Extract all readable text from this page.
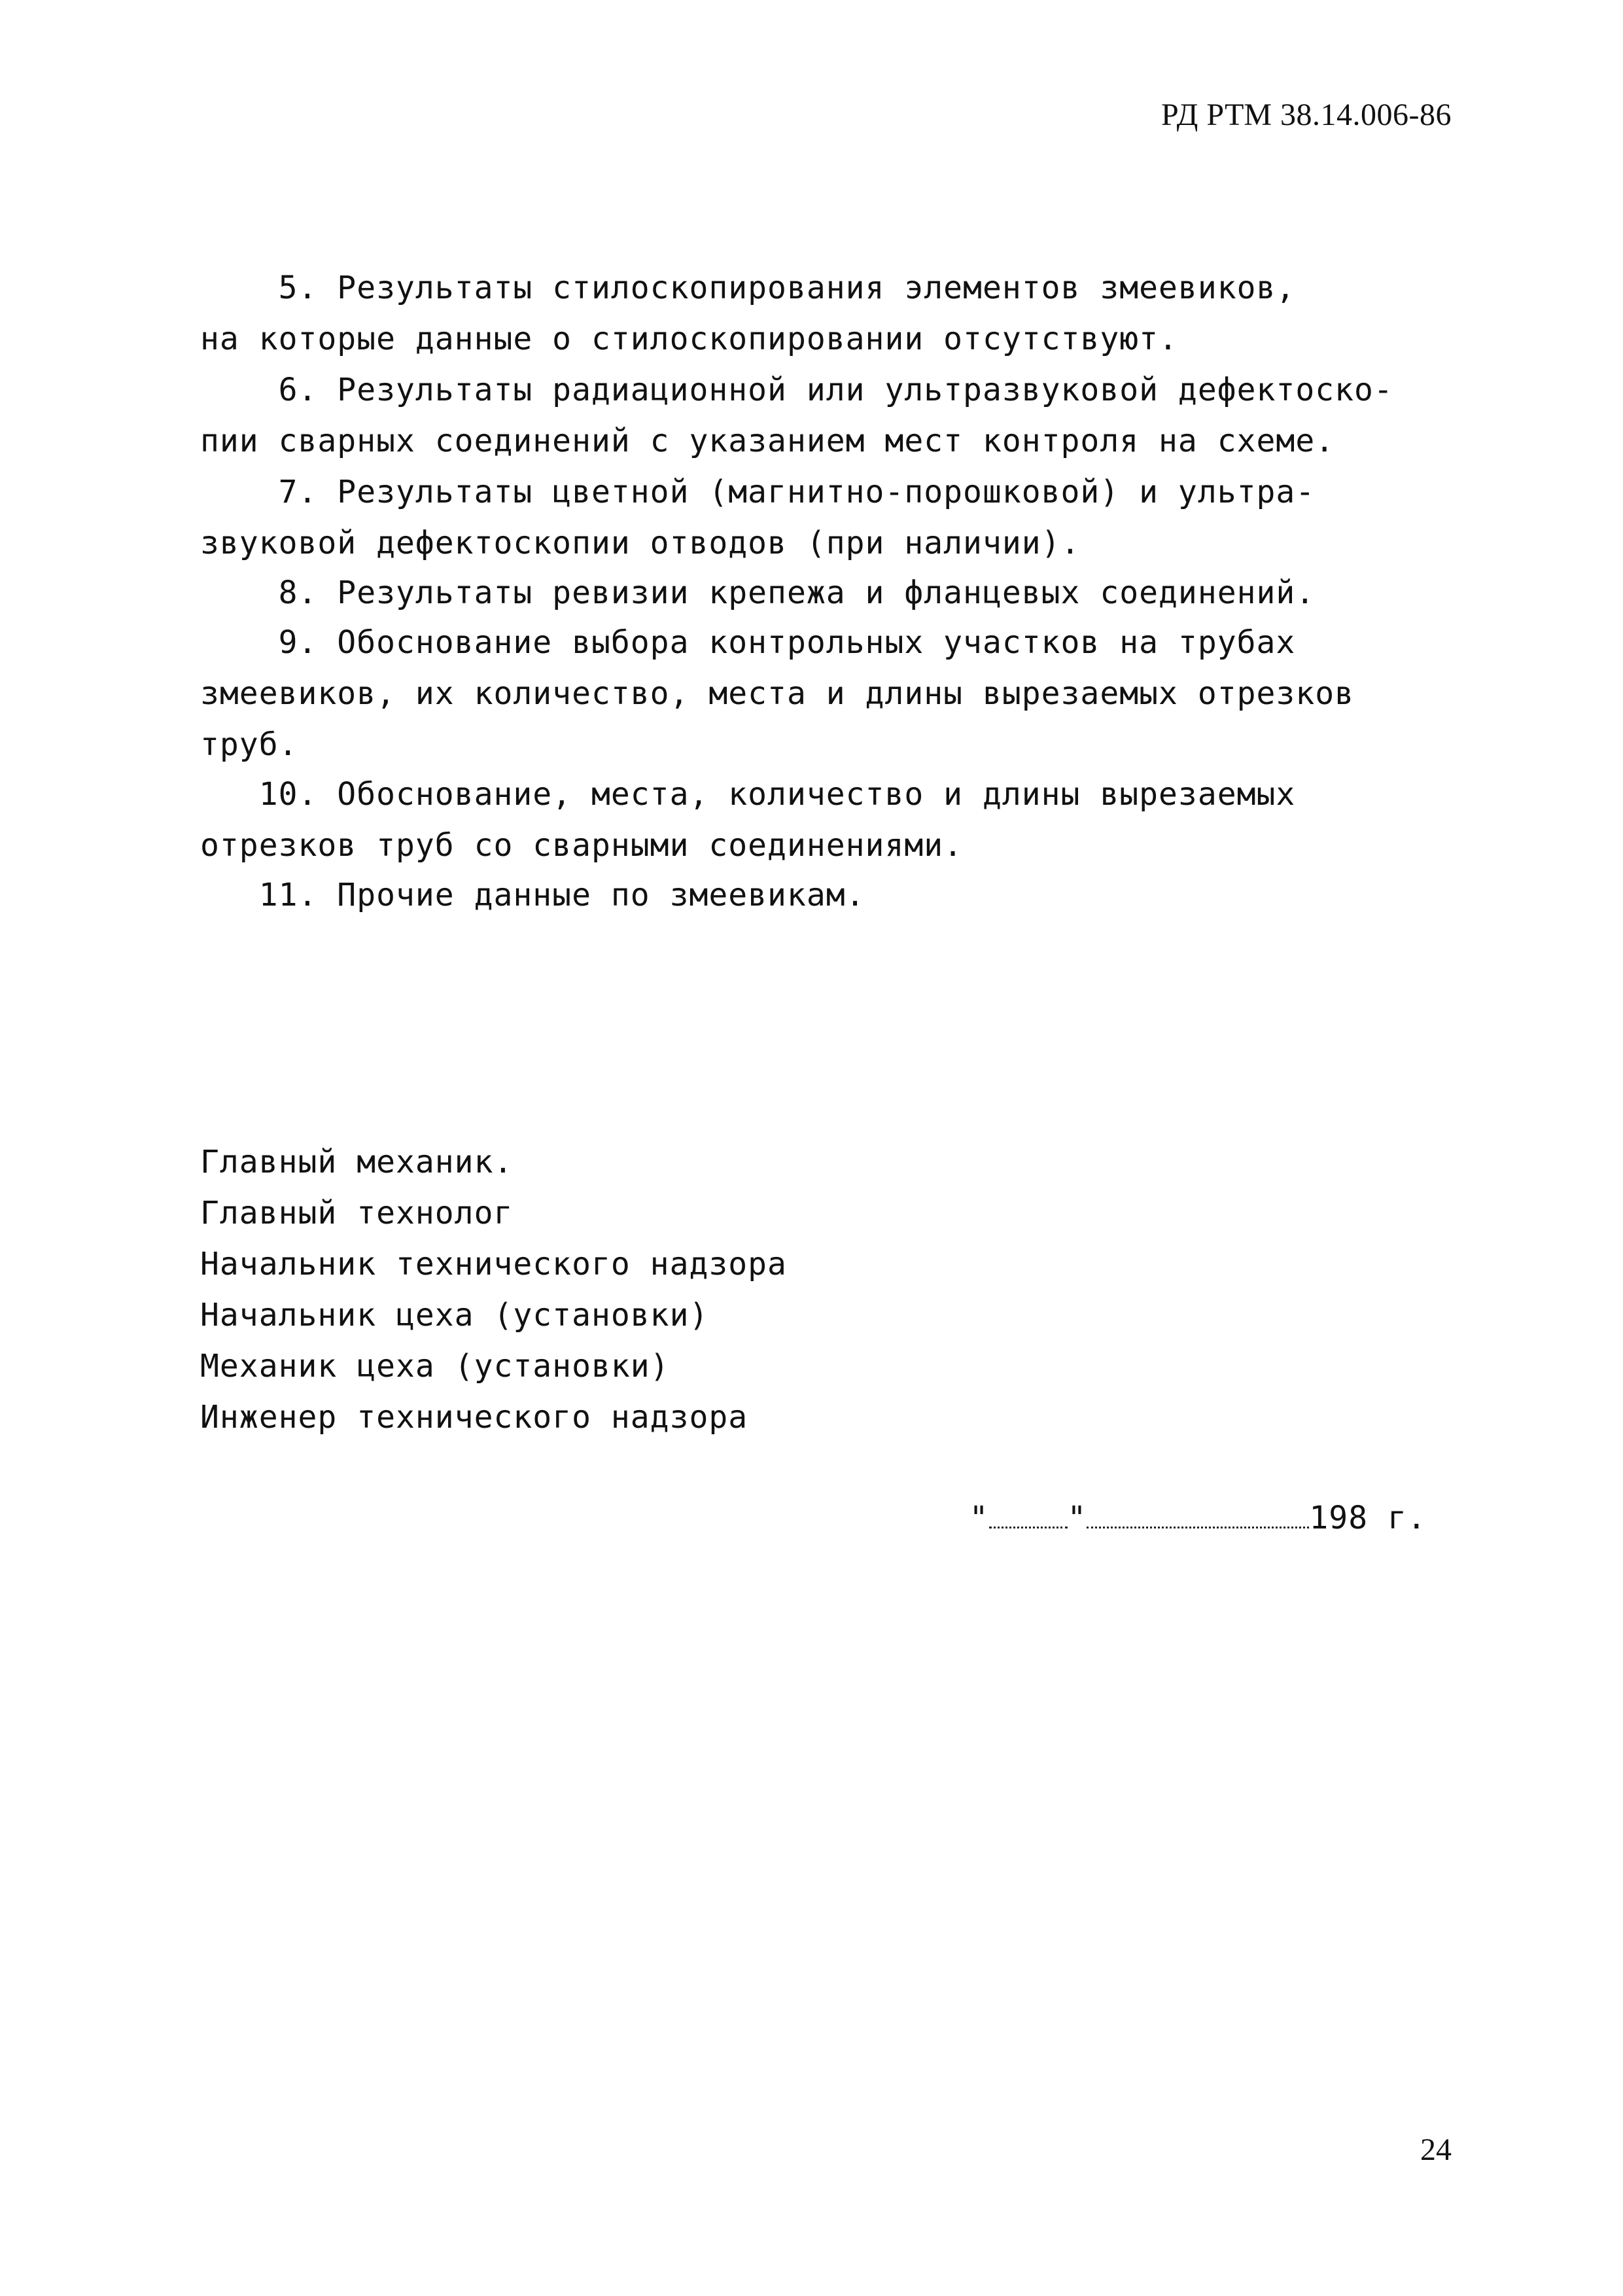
РД РТМ 38.14.006-86
5. Результаты стилоскопирования элементов змеевиков,
на которые данные о стилоскопировании отсутствуют.
6. Результаты радиационной или ультразвуковой дефектоско-
пии сварных соединений с указанием мест контроля на схеме.
7. Результаты цветной (магнитно-порошковой) и ультра-
звуковой дефектоскопии отводов (при наличии).
8. Результаты ревизии крепежа и фланцевых соединений.
9. Обоснование выбора контрольных участков на трубах
змеевиков, их количество, места и длины вырезаемых отрезков
труб.
10. Обоснование, места, количество и длины вырезаемых
отрезков труб со сварными соединениями.
11. Прочие данные по змеевикам.
Главный механик.
Главный технолог
Начальник технического надзора
Начальник цеха (установки)
Механик цеха (установки)
Инженер технического надзора

"	"	198 г.

24
